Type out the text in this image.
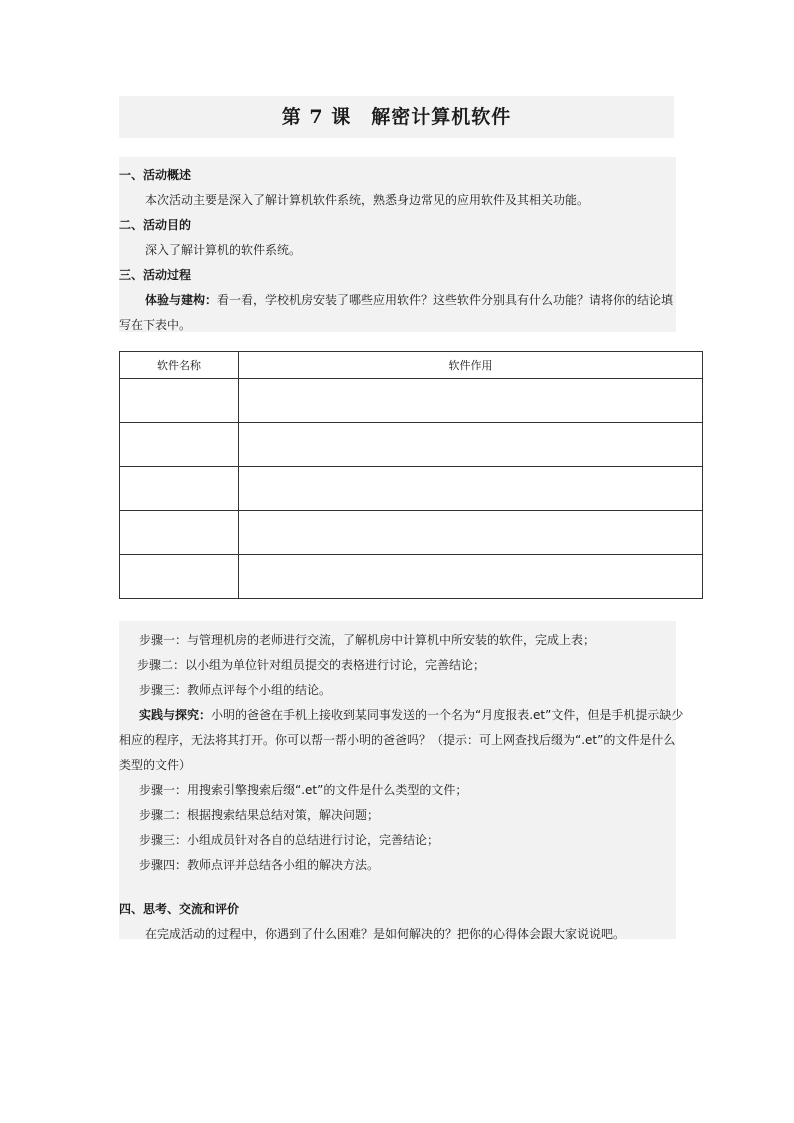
第 7 课　解密计算机软件
一、活动概述
本次活动主要是深入了解计算机软件系统，熟悉身边常见的应用软件及其相关功能。
二、活动目的
深入了解计算机的软件系统。
三、活动过程
体验与建构：看一看，学校机房安装了哪些应用软件？这些软件分别具有什么功能？请将你的结论填
写在下表中。
软件名称	软件作用

步骤一：与管理机房的老师进行交流，了解机房中计算机中所安装的软件，完成上表；
步骤二：以小组为单位针对组员提交的表格进行讨论，完善结论；
步骤三：教师点评每个小组的结论。
实践与探究：小明的爸爸在手机上接收到某同事发送的一个名为“月度报表.et”文件，但是手机提示缺少
相应的程序，无法将其打开。你可以帮一帮小明的爸爸吗？（提示：可上网查找后缀为“.et”的文件是什么
类型的文件）
步骤一：用搜索引擎搜索后缀“.et”的文件是什么类型的文件；
步骤二：根据搜索结果总结对策，解决问题；
步骤三：小组成员针对各自的总结进行讨论，完善结论；
步骤四：教师点评并总结各小组的解决方法。
四、思考、交流和评价
在完成活动的过程中，你遇到了什么困难？是如何解决的？把你的心得体会跟大家说说吧。
